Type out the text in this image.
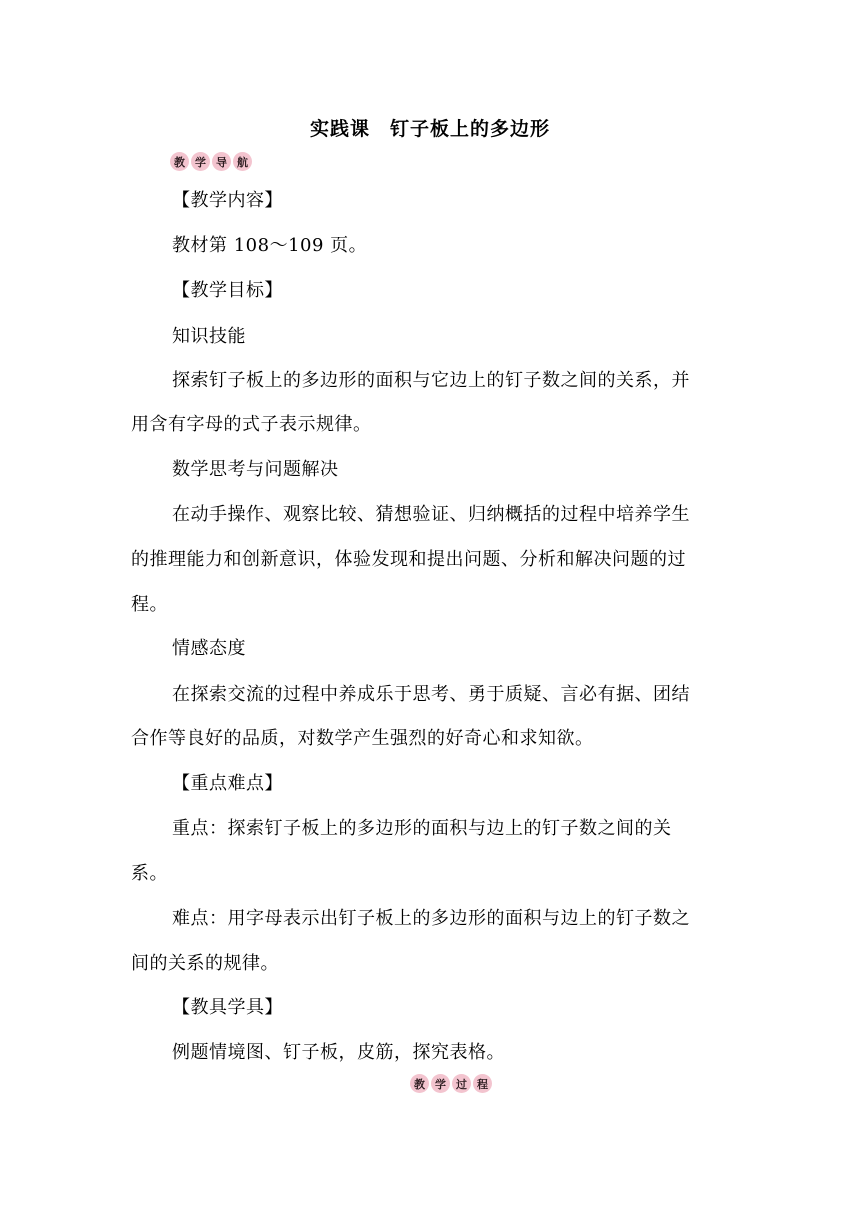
实践课　钉子板上的多边形
教 学 导 航
【教学内容】
教材第 108～109 页。
【教学目标】
知识技能
探索钉子板上的多边形的面积与它边上的钉子数之间的关系，并
用含有字母的式子表示规律。
数学思考与问题解决
在动手操作、观察比较、猜想验证、归纳概括的过程中培养学生
的推理能力和创新意识，体验发现和提出问题、分析和解决问题的过
程。
情感态度
在探索交流的过程中养成乐于思考、勇于质疑、言必有据、团结
合作等良好的品质，对数学产生强烈的好奇心和求知欲。
【重点难点】
重点：探索钉子板上的多边形的面积与边上的钉子数之间的关
系。
难点：用字母表示出钉子板上的多边形的面积与边上的钉子数之
间的关系的规律。
【教具学具】
例题情境图、钉子板，皮筋，探究表格。
教 学 过 程
